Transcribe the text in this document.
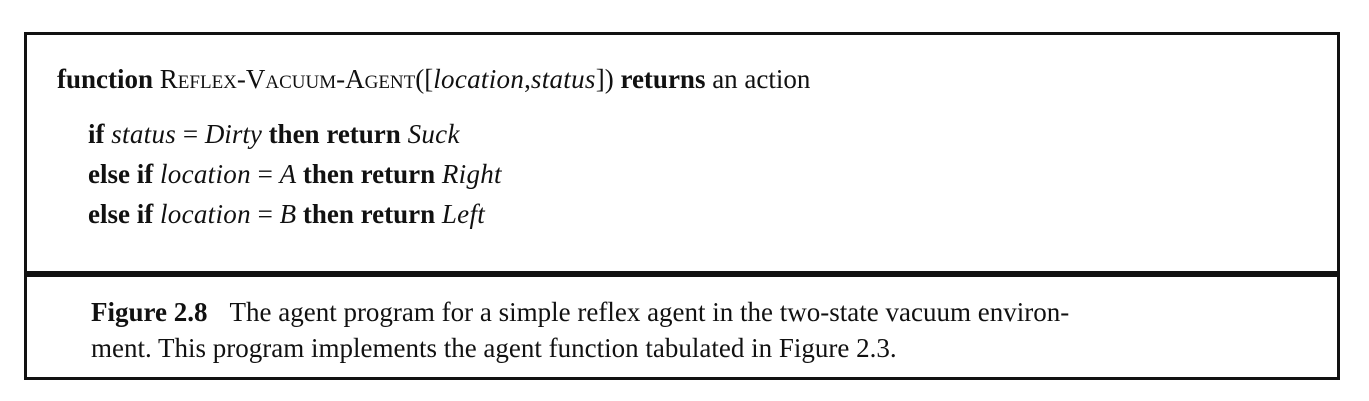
function Reflex-Vacuum-Agent([location,status]) returns an action
if status = Dirty then return Suck
else if location = A then return Right
else if location = B then return Left
Figure 2.8 The agent program for a simple reflex agent in the two-state vacuum environ-
ment. This program implements the agent function tabulated in Figure 2.3.
